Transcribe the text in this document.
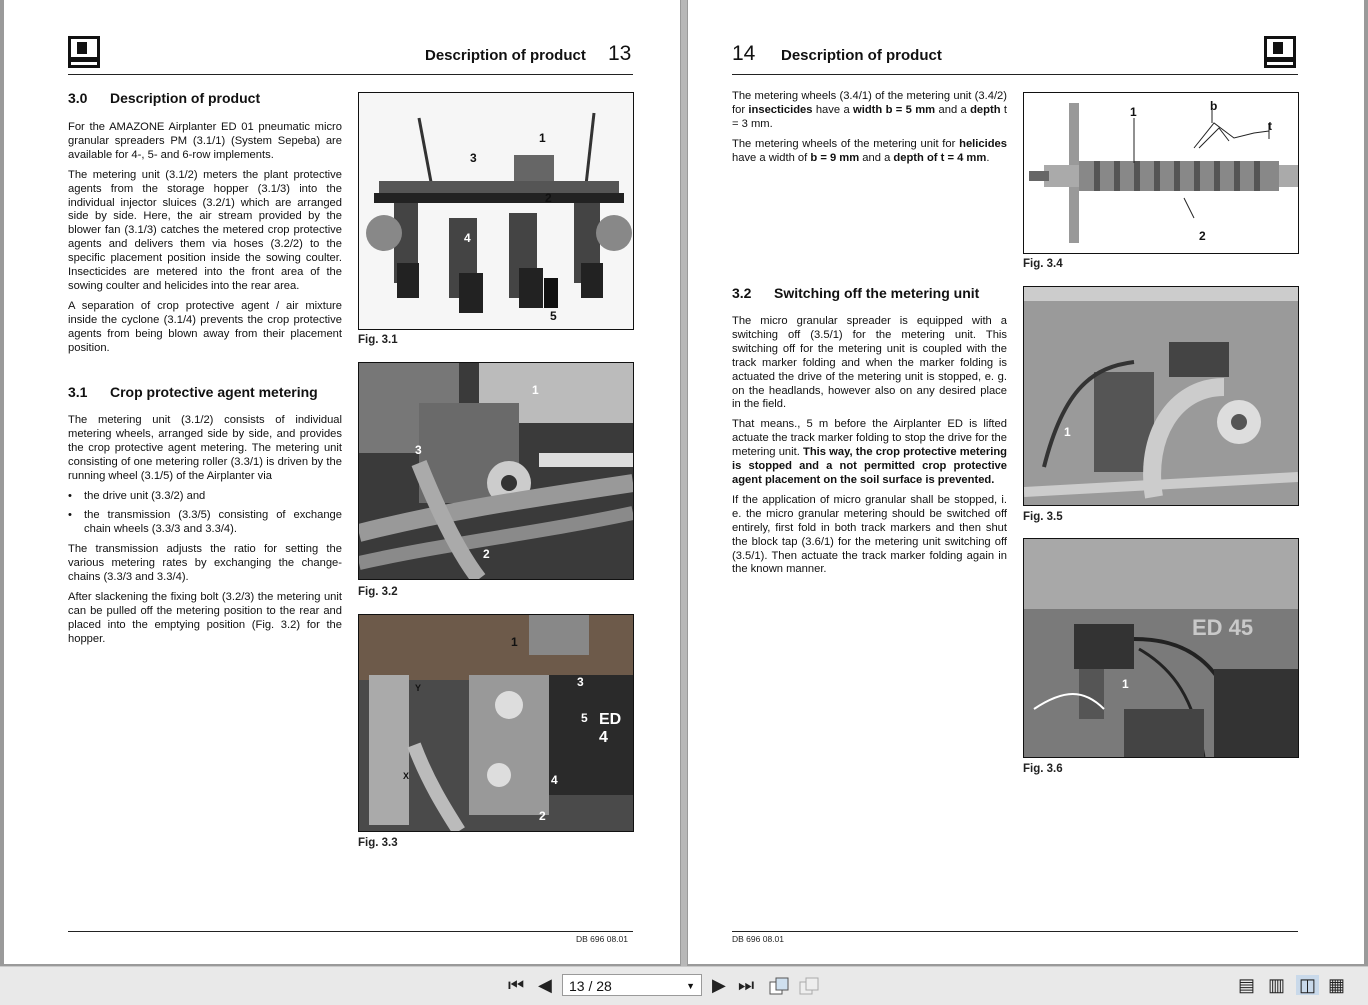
Description of product 13
3.0 Description of product

For the AMAZONE Airplanter ED 01 pneumatic micro granular spreaders PM (3.1/1) (System Sepeba) are available for 4-, 5- and 6-row implements.

The metering unit (3.1/2) meters the plant protective agents from the storage hopper (3.1/3) into the individual injector sluices (3.2/1) which are arranged side by side. Here, the air stream provided by the blower fan (3.1/3) catches the metered crop protective agents and delivers them via hoses (3.2/2) to the specific placement position inside the sowing coulter. Insecticides are metered into the front area of the sowing coulter and helicides into the rear area.

A separation of crop protective agent / air mixture inside the cyclone (3.1/4) prevents the crop protective agents from being blown away from their placement position.

3.1 Crop protective agent metering

The metering unit (3.1/2) consists of individual metering wheels, arranged side by side, and provides the crop protective agent metering. The metering unit consisting of one metering roller (3.3/1) is driven by the running wheel (3.1/5) of the Airplanter via

• the drive unit (3.3/2) and
• the transmission (3.3/5) consisting of exchange chain wheels (3.3/3 and 3.3/4).

The transmission adjusts the ratio for setting the various metering rates by exchanging the change-chains (3.3/3 and 3.3/4).

After slackening the fixing bolt (3.2/3) the metering unit can be pulled off the metering position to the rear and placed into the emptying position (Fig. 3.2) for the hopper.

1
2
3
4
5
Fig. 3.1
1
2
3
Fig. 3.2
1
2
3
4
5
Y
X
ED 4
Fig. 3.3
DB 696 08.01
14 Description of product

The metering wheels (3.4/1) of the metering unit (3.4/2) for insecticides have a width b = 5 mm and a depth t = 3 mm.

The metering wheels of the metering unit for helicides have a width of b = 9 mm and a depth of t = 4 mm.

3.2 Switching off the metering unit

The micro granular spreader is equipped with a switching off (3.5/1) for the metering unit. This switching off for the metering unit is coupled with the track marker folding and when the marker folding is actuated the drive of the metering unit is stopped, e. g. on the headlands, however also on any desired place in the field.

That means., 5 m before the Airplanter ED is lifted actuate the track marker folding to stop the drive for the metering unit. This way, the crop protective metering is stopped and a not permitted crop protective agent placement on the soil surface is prevented.

If the application of micro granular shall be stopped, i. e. the micro granular metering should be switched off entirely, first fold in both track markers and then shut the block tap (3.6/1) for the metering unit switching off (3.5/1). Then actuate the track marker folding again in the known manner.

1
2
b
t
Fig. 3.4
1
Fig. 3.5
1
ED 45
Fig. 3.6
DB 696 08.01
⏮ ◀	13 / 28	▼ ▶ ⏭	▤ ▥ ◫ ▦
